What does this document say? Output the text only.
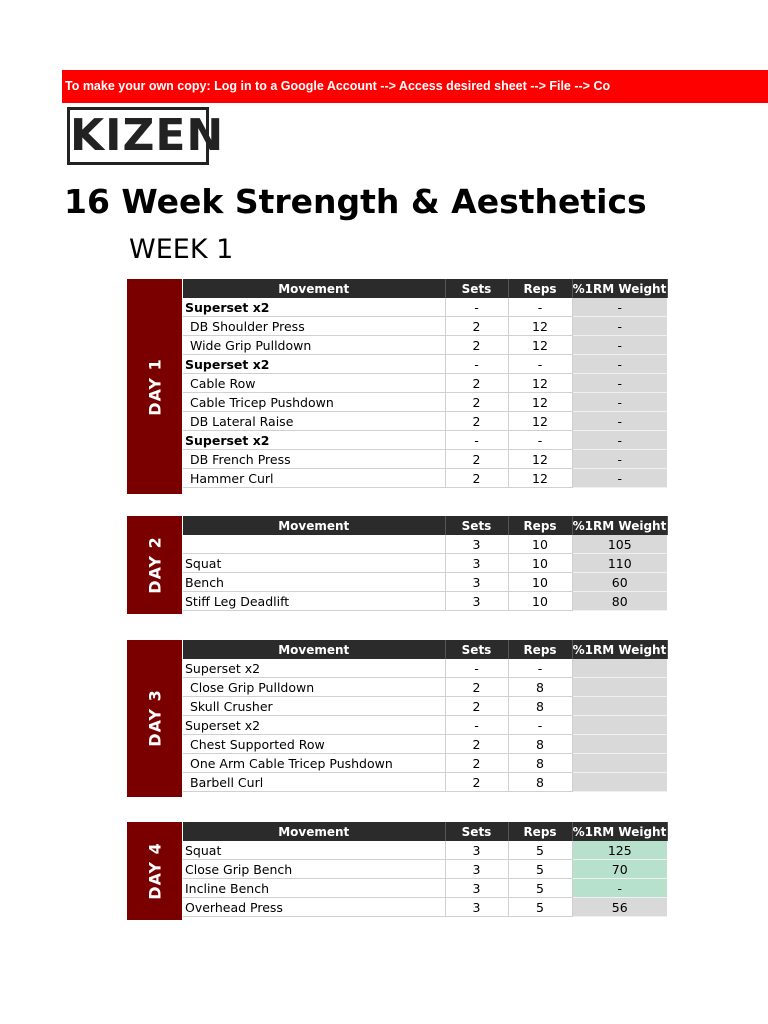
To make your own copy: Log in to a Google Account --> Access desired sheet --> File --> Co
KIZEN
16 Week Strength & Aesthetics
WEEK 1
DAY 1
Movement	Sets	Reps	%1RM Weight
Superset x2	-	-	-
DB Shoulder Press	2	12	-
Wide Grip Pulldown	2	12	-
Superset x2	-	-	-
Cable Row	2	12	-
Cable Tricep Pushdown	2	12	-
DB Lateral Raise	2	12	-
Superset x2	-	-	-
DB French Press	2	12	-
Hammer Curl	2	12	-
DAY 2
Movement	Sets	Reps	%1RM Weight
	3	10	105
Squat	3	10	110
Bench	3	10	60
Stiff Leg Deadlift	3	10	80
DAY 3
Movement	Sets	Reps	%1RM Weight
Superset x2	-	-	
Close Grip Pulldown	2	8	
Skull Crusher	2	8	
Superset x2	-	-	
Chest Supported Row	2	8	
One Arm Cable Tricep Pushdown	2	8	
Barbell Curl	2	8	
DAY 4
Movement	Sets	Reps	%1RM Weight
Squat	3	5	125
Close Grip Bench	3	5	70
Incline Bench	3	5	-
Overhead Press	3	5	56
